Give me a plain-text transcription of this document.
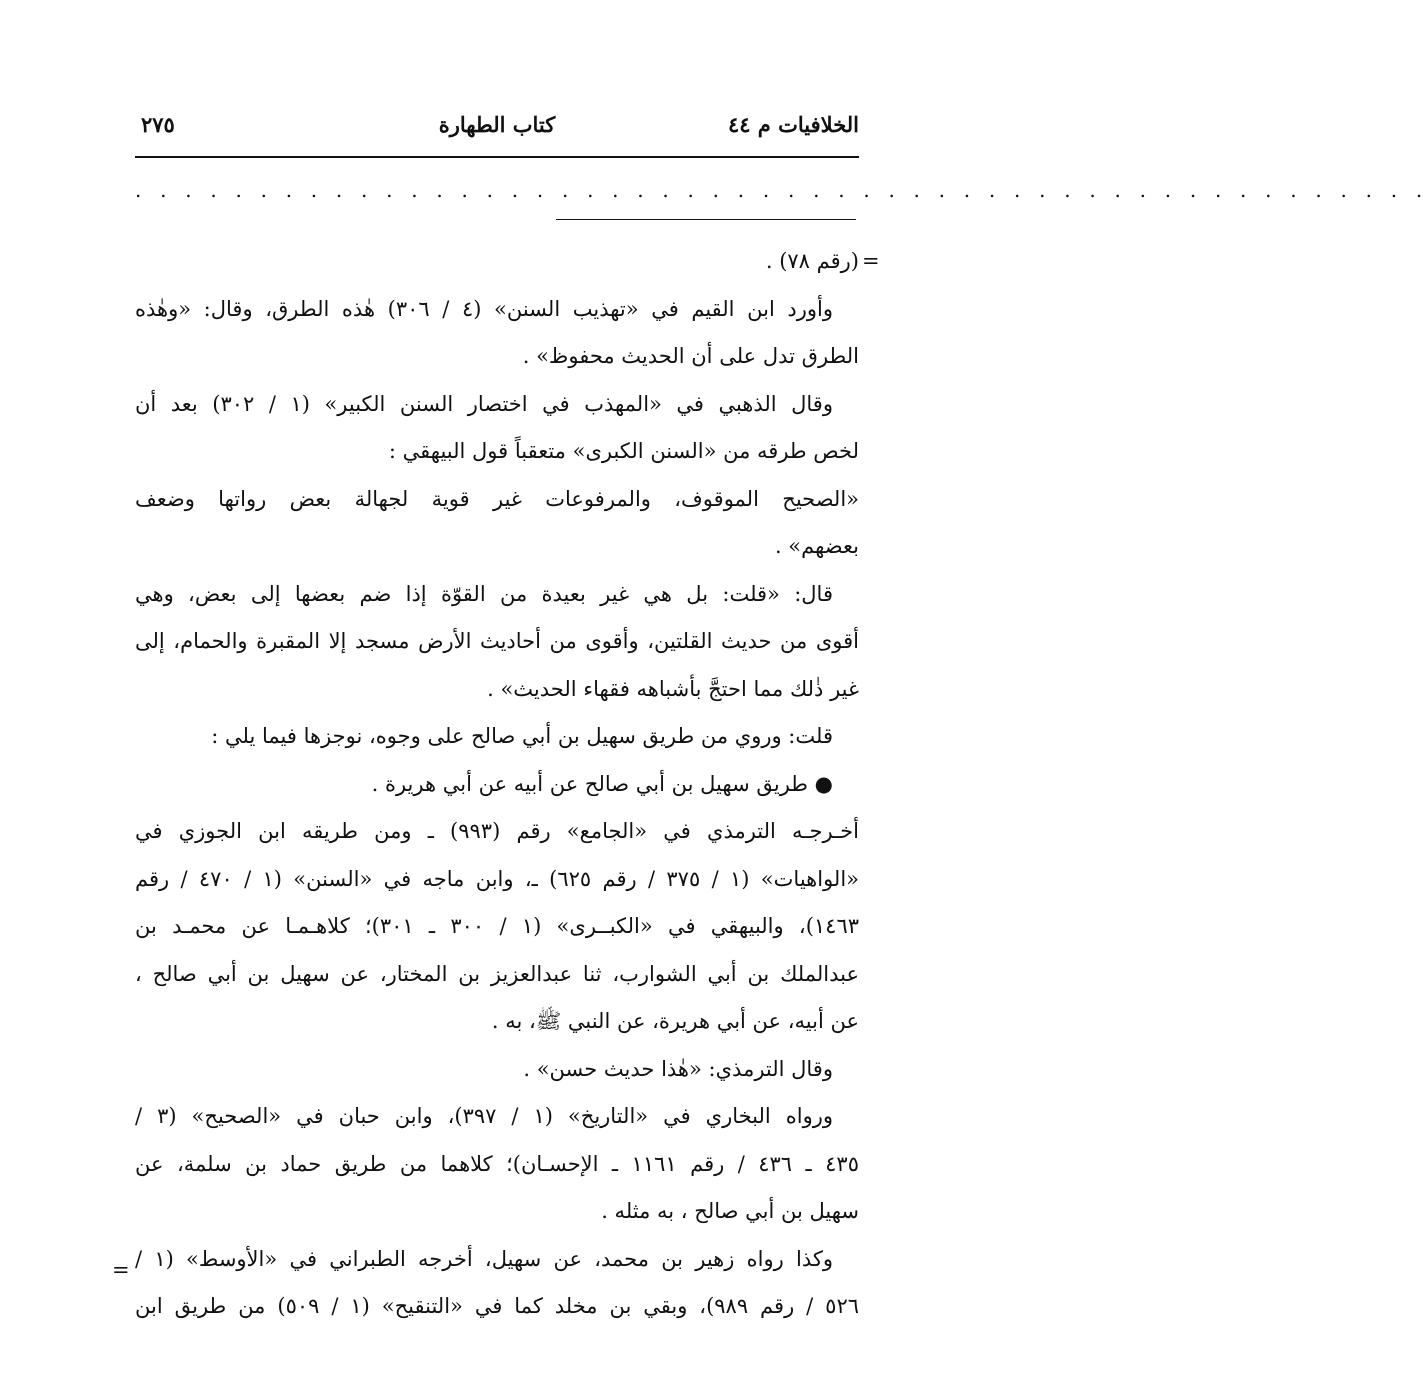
الخلافيات م ٤٤
كتاب الطهارة
٢٧٥
. . . . . . . . . . . . . . . . . . . . . . . . . . . . . . . . . . . . . . . . . . . . . . . . . . . .
=
(رقم ٧٨) .
وأورد ابن القيم في «تهذيب السنن» (٤ / ٣٠٦) هٰذه الطرق، وقال: «وهٰذه
الطرق تدل على أن الحديث محفوظ» .
وقال الذهبي في «المهذب في اختصار السنن الكبير» (١ / ٣٠٢) بعد أن
لخص طرقه من «السنن الكبرى» متعقباً قول البيهقي :
«الصحيح الموقوف، والمرفوعات غير قوية لجهالة بعض رواتها وضعف
بعضهم» .
قال: «قلت: بل هي غير بعيدة من القوّة إذا ضم بعضها إلى بعض، وهي
أقوى من حديث القلتين، وأقوى من أحاديث الأرض مسجد إلا المقبرة والحمام، إلى
غير ذٰلك مما احتجَّ بأشباهه فقهاء الحديث» .
قلت: وروي من طريق سهيل بن أبي صالح على وجوه، نوجزها فيما يلي :
● طريق سهيل بن أبي صالح عن أبيه عن أبي هريرة .
أخـرجـه الترمذي في «الجامع» رقم (٩٩٣) ـ ومن طريقه ابن الجوزي في
«الواهيات» (١ / ٣٧٥ / رقم ٦٢٥) ـ، وابن ماجه في «السنن» (١ / ٤٧٠ / رقم
١٤٦٣)، والبيهقي في «الكبــرى» (١ / ٣٠٠ ـ ٣٠١)؛ كلاهـمـا عن محمـد بن
عبدالملك بن أبي الشوارب، ثنا عبدالعزيز بن المختار، عن سهيل بن أبي صالح ،
عن أبيه، عن أبي هريرة، عن النبي ﷺ، به .
وقال الترمذي: «هٰذا حديث حسن» .
ورواه البخاري في «التاريخ» (١ / ٣٩٧)، وابن حبان في «الصحيح» (٣ /
٤٣٥ ـ ٤٣٦ / رقم ١١٦١ ـ الإحسـان)؛ كلاهما من طريق حماد بن سلمة، عن
سهيل بن أبي صالح ، به مثله .
وكذا رواه زهير بن محمد، عن سهيل، أخرجه الطبراني في «الأوسط» (١ /
٥٢٦ / رقم ٩٨٩)، وبقي بن مخلد كما في «التنقيح» (١ / ٥٠٩) من طريق ابن
=
